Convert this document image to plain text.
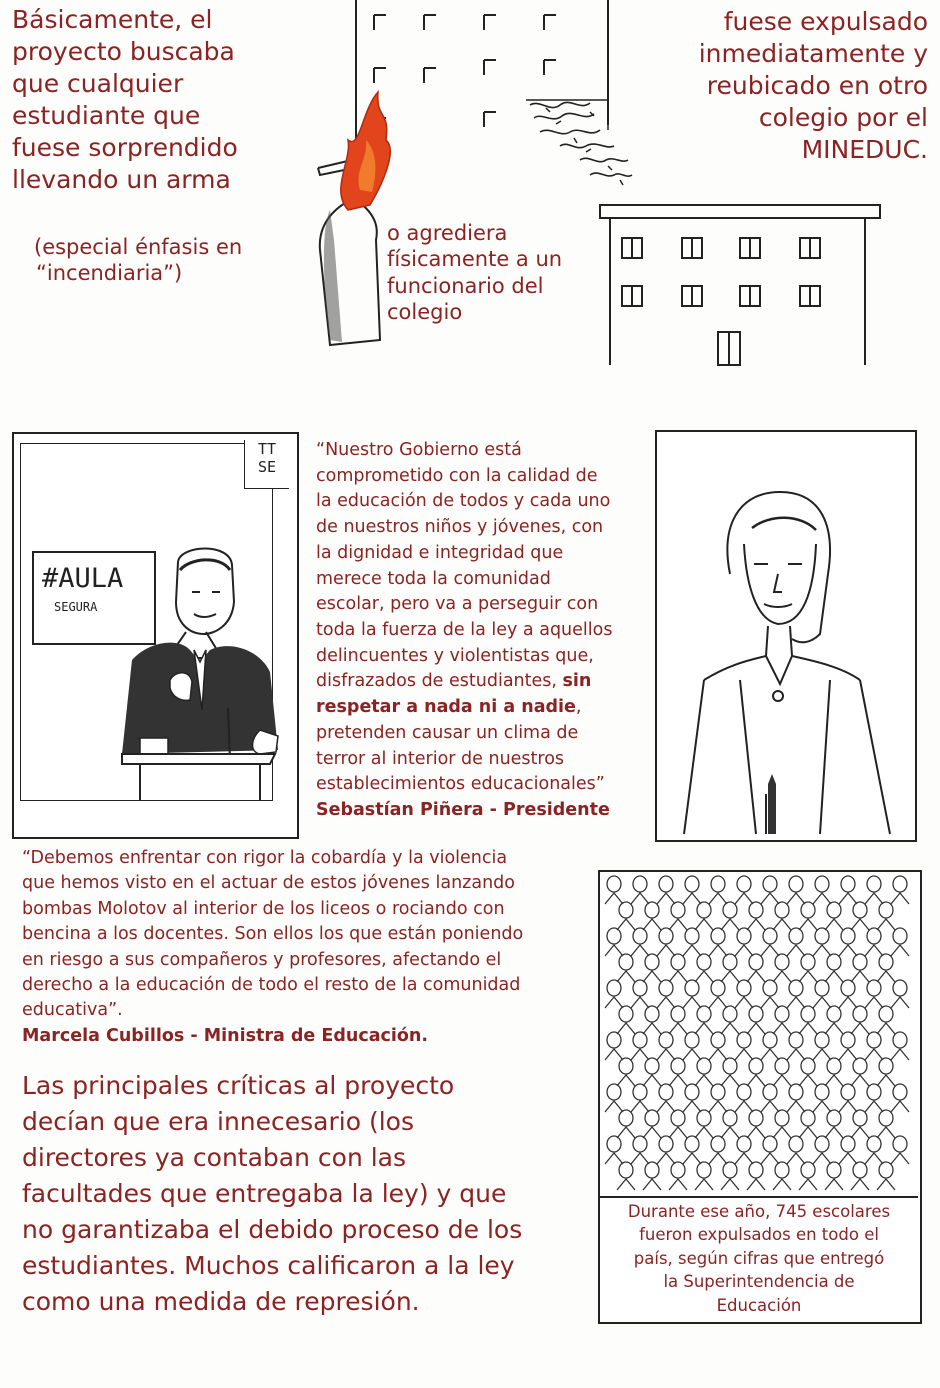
Básicamente, el
proyecto buscaba
que cualquier
estudiante que
fuese sorprendido
llevando un arma
(especial énfasis en
“incendiaria”)
o agrediera
físicamente a un
funcionario del
colegio
fuese expulsado
inmediatamente y
reubicado en otro
colegio por el
MINEDUC.
TT
SE
#AULA
SEGURA
“Nuestro Gobierno está
comprometido con la calidad de
la educación de todos y cada uno
de nuestros niños y jóvenes, con
la dignidad e integridad que
merece toda la comunidad
escolar, pero va a perseguir con
toda la fuerza de la ley a aquellos
delincuentes y violentistas que,
disfrazados de estudiantes, sin
respetar a nada ni a nadie,
pretenden causar un clima de
terror al interior de nuestros
establecimientos educacionales”
Sebastían Piñera - Presidente
“Debemos enfrentar con rigor la cobardía y la violencia
que hemos visto en el actuar de estos jóvenes lanzando
bombas Molotov al interior de los liceos o rociando con
bencina a los docentes. Son ellos los que están poniendo
en riesgo a sus compañeros y profesores, afectando el
derecho a la educación de todo el resto de la comunidad
educativa”.
Marcela Cubillos - Ministra de Educación.
Las principales críticas al proyecto
decían que era innecesario (los
directores ya contaban con las
facultades que entregaba la ley) y que
no garantizaba el debido proceso de los
estudiantes. Muchos calificaron a la ley
como una medida de represión.
Durante ese año, 745 escolares
fueron expulsados en todo el
país, según cifras que entregó
la Superintendencia de
Educación
